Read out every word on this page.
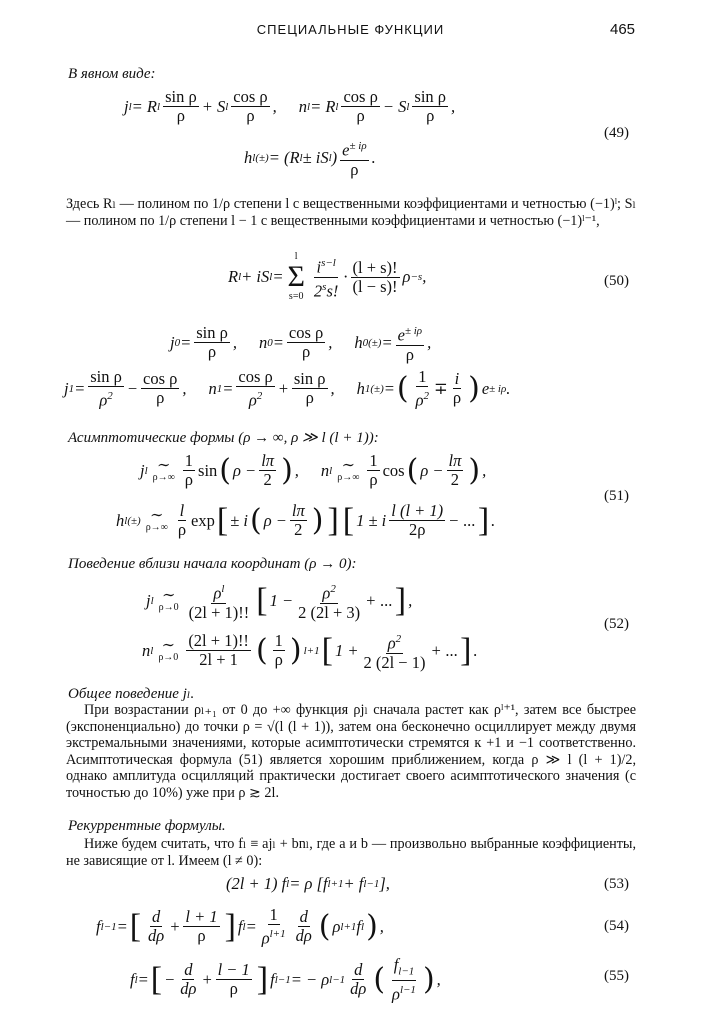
СПЕЦИАЛЬНЫЕ ФУНКЦИИ	465
В явном виде:
j l = R l $\frac{\text{sin ρ}}{\rho} + S$ l $\frac{\text{cos ρ}}{\rho}$ ,
n l = R l $\frac{\text{cos ρ}}{\rho} - S$ l $\frac{\text{sin ρ}}{\rho}$ ,
h l (±) = (R l ± iS l ) $\frac{e^{\pm i\rho}}{\rho}$ .
(49)
Здесь Rₗ — полином по 1/ρ степени l с вещественными коэффициентами и четностью (−1)ˡ; Sₗ — полином по 1/ρ степени l − 1 с вещественными коэффициентами и четностью (−1)ˡ⁻¹,
R l + iS l =
l
Σ
$s=0 \frac{i^{s-l}}{2^ss!} \cdot \frac{(l + s)!}{(l - s)!}$ ρ −s ,	(50)
j $0 = \frac{\text{sin ρ}}{\rho}$ ,
n $0 = \frac{\text{cos ρ}}{\rho}$ ,
h 0 (±) = $\frac{e^{\pm i\rho}}{\rho}$ ,
j $1 = \frac{\text{sin ρ}}{\rho^2} - \frac{\text{cos ρ}}{\rho}$ ,
n $1 = \frac{\text{cos ρ}}{\rho^2} + \frac{\text{sin ρ}}{\rho}$ ,
h 1 (±) = ( $\frac{1}{\rho^2} \mp \frac{i}{\rho}$ ) e ± iρ .
Асимптотические формы (ρ → ∞, ρ ≫ l (l + 1)):
j l ∼
$\rho\to\infty \frac{1}{\rho}$ sin ( $\rho - \frac{l\pi}{2}$ ) ,
n l ∼
$\rho\to\infty \frac{1}{\rho}$ cos ( $\rho - \frac{l\pi}{2}$ ) ,
h l (±) ∼
$\rho\to\infty \frac{l}{\rho}$ exp [ ± i ( $\rho - \frac{l\pi}{2}$ ) ] [ 1 ± i $\frac{l (l + 1)}{2\rho}$ − ... ] .
(51)
Поведение вблизи начала координат (ρ → 0):
j l ∼
$\rho\to 0 \frac{\rho^l}{(2l + 1)!!}$ [ $1 - \frac{\rho^2}{2 (2l + 3)}$ + ... ] ,
n l ∼
$\rho\to 0 \frac{(2l + 1)!!}{2l + 1}$ ( $\frac{1}{\rho}$ ) l+1 [ $1 + \frac{\rho^2}{2 (2l - 1)}$ + ... ] .
(52)
Общее поведение jₗ.
При возрастании ρₗ₊₁ от 0 до +∞ функция ρjₗ сначала растет как ρˡ⁺¹, затем все быстрее (экспоненциально) до точки ρ = √(l (l + 1)), затем она бесконечно осциллирует между двумя экстремальными значениями, которые асимптотически стремятся к +1 и −1 соответственно. Асимптотическая формула (51) является хорошим приближением, когда ρ ≫ l (l + 1)/2, однако амплитуда осцилляций практически достигает своего асимптотического значения (с точностью до 10%) уже при ρ ≳ 2l.
Рекуррентные формулы.
Ниже будем считать, что fₗ ≡ ajₗ + bnₗ, где a и b — произвольно выбранные коэффициенты, не зависящие от l. Имеем (l ≠ 0):
(2l + 1) f l = ρ [f l+1 + f l−1 ],	(53)
f l−1 = [ $\frac{d}{d\rho} + \frac{l + 1}{\rho}$ ] f $l = \frac{1}{\rho^{l+1}} \frac{d}{d\rho}$ ( ρ l+1 f l ) ,	(54)
f l = [ − $\frac{d}{d\rho} + \frac{l - 1}{\rho}$ ] f l−1 = − ρ $l-1 \frac{d}{d\rho}$ ( $\frac{f_{l-1}}{\rho^{l-1}}$ ) ,	(55)
